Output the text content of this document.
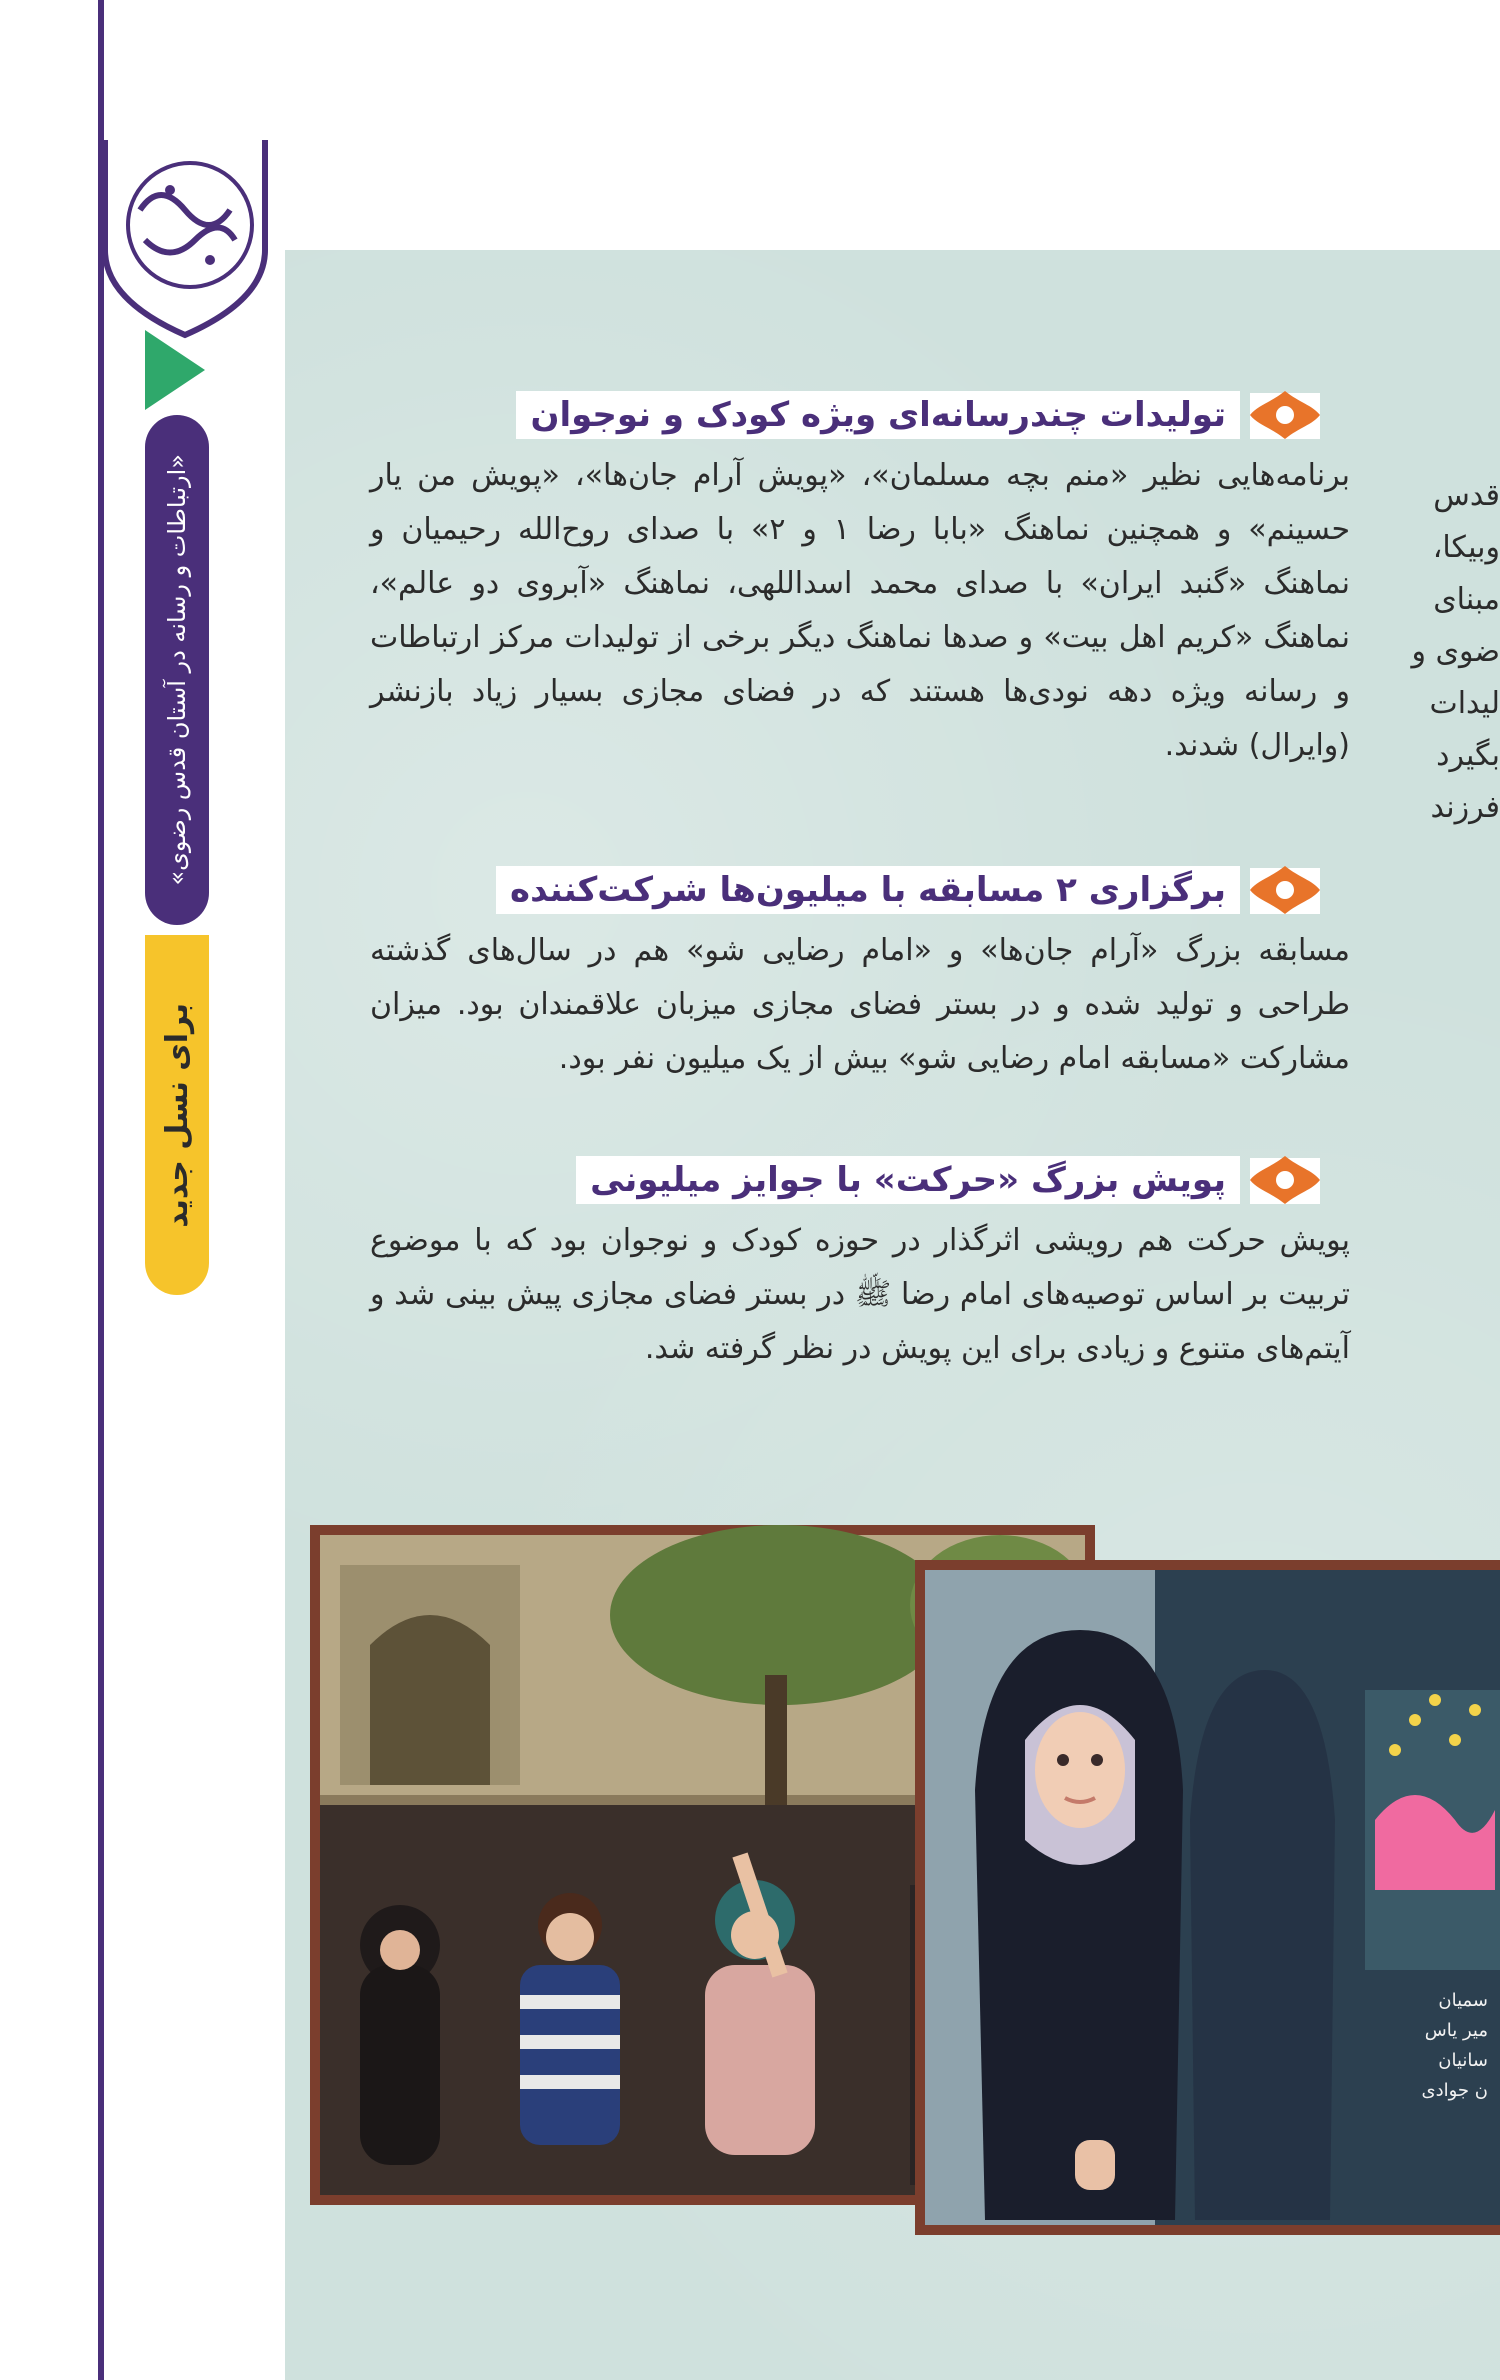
«ارتباطات و رسانه در آستان قدس رضوی»
برای نسل جدید
تولیدات چندرسانه‌ای ویژه کودک و نوجوان

برنامه‌هایی نظیر «منم بچه مسلمان»، «پویش آرام جان‌ها»، «پویش من یار حسینم» و همچنین نماهنگ «بابا رضا ۱ و ۲» با صدای روح‌الله رحیمیان و نماهنگ «گنبد ایران» با صدای محمد اسداللهی، نماهنگ «آبروی دو عالم»، نماهنگ «کریم اهل بیت» و صدها نماهنگ دیگر برخی از تولیدات مرکز ارتباطات و رسانه ویژه دهه نودی‌ها هستند که در فضای مجازی بسیار زیاد بازنشر (وایرال) شدند.

برگزاری ۲ مسابقه با میلیون‌ها شرکت‌کننده

مسابقه بزرگ «آرام جان‌ها» و «امام رضایی شو» هم در سال‌های گذشته طراحی و تولید شده و در بستر فضای مجازی میزبان علاقمندان بود. میزان مشارکت «مسابقه امام رضایی شو» بیش از یک میلیون نفر بود.

پویش بزرگ «حرکت» با جوایز میلیونی

پویش حرکت هم رویشی اثرگذار در حوزه کودک و نوجوان بود که با موضوع تربیت بر اساس توصیه‌های امام رضا ﷺ در بستر فضای مجازی پیش بینی شد و آیتم‌های متنوع و زیادی برای این پویش در نظر گرفته شد.

قدس
وبیکا،
مبنای
ضوی و
لیدات
بگیرد
فرزند
سمیان
میر یاس
سانیان
ن جوادی
